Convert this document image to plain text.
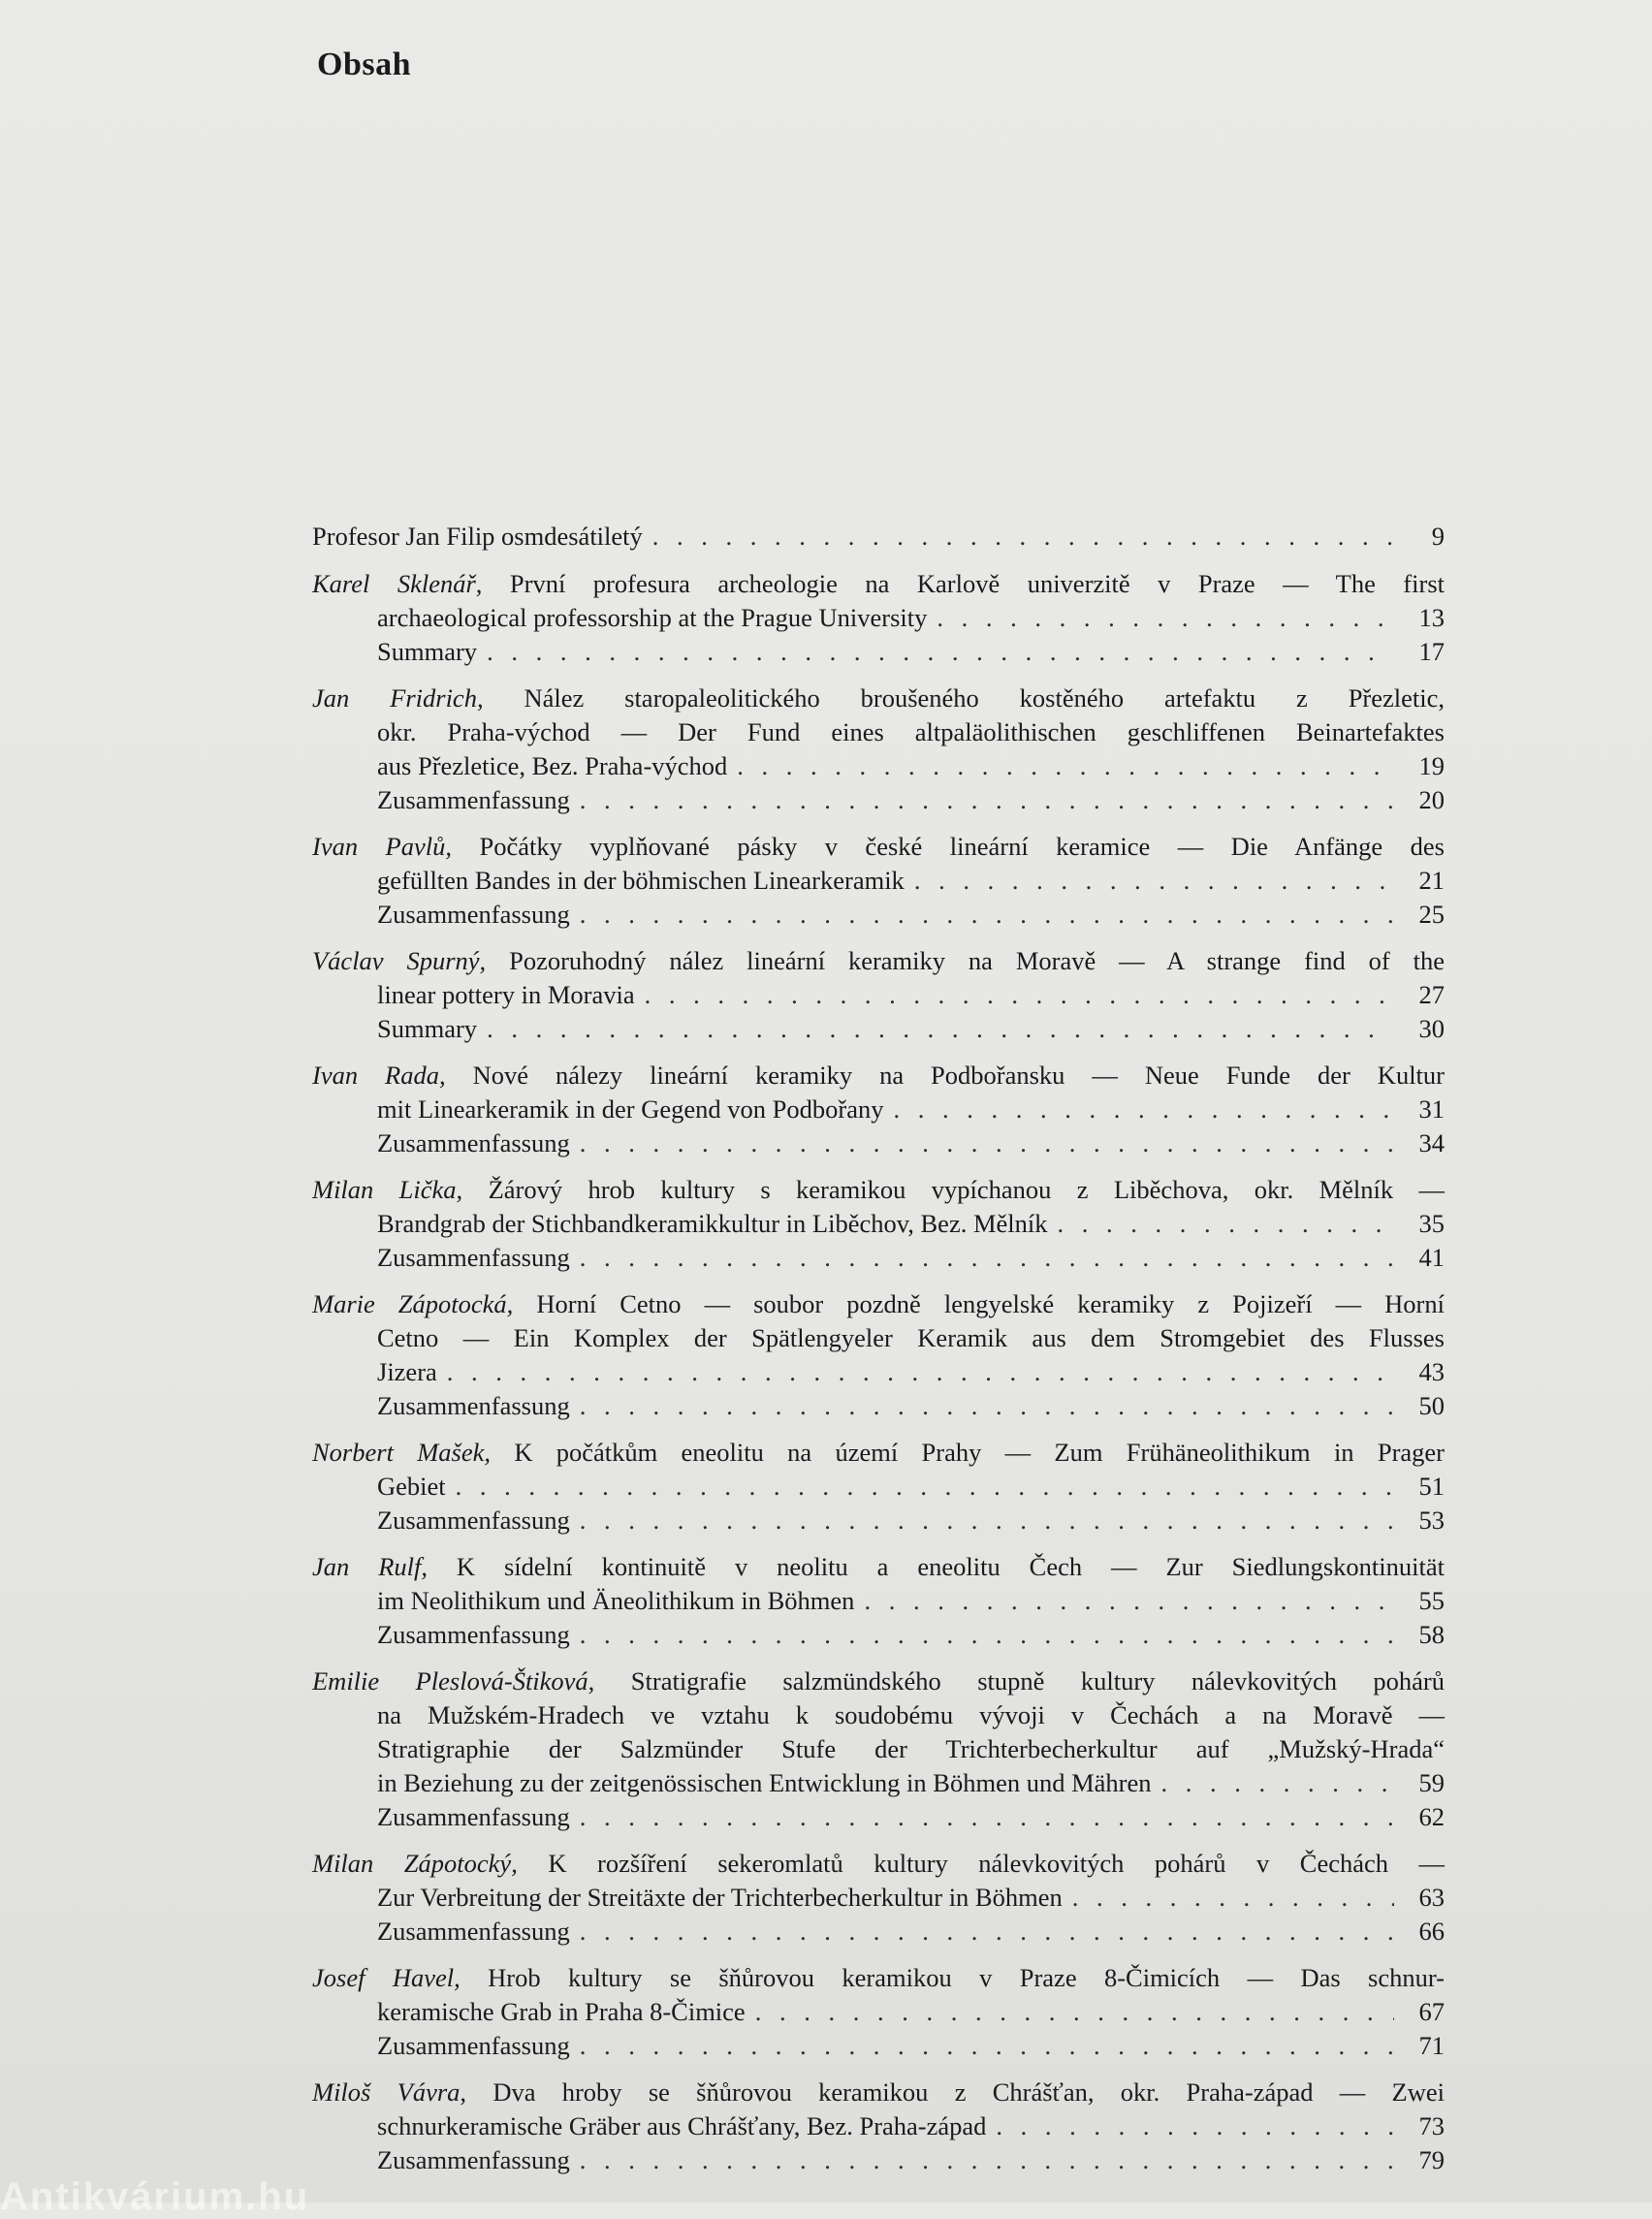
Obsah
Profesor Jan Filip osmdesátiletý . . .	9
Karel Sklenář, První profesura archeologie na Karlově univerzitě v Praze — The first
archaeological professorship at the Prague University . . .	13
Summary . . .	17
Jan Fridrich, Nález staropaleolitického broušeného kostěného artefaktu z Přezletic,
okr. Praha-východ — Der Fund eines altpaläolithischen geschliffenen Beinartefaktes
aus Přezletice, Bez. Praha-východ . . .	19
Zusammenfassung . . .	20
Ivan Pavlů, Počátky vyplňované pásky v české lineární keramice — Die Anfänge des
gefüllten Bandes in der böhmischen Linearkeramik . . .	21
Zusammenfassung . . .	25
Václav Spurný, Pozoruhodný nález lineární keramiky na Moravě — A strange find of the
linear pottery in Moravia . . .	27
Summary . . .	30
Ivan Rada, Nové nálezy lineární keramiky na Podbořansku — Neue Funde der Kultur
mit Linearkeramik in der Gegend von Podbořany . . .	31
Zusammenfassung . . .	34
Milan Lička, Žárový hrob kultury s keramikou vypíchanou z Liběchova, okr. Mělník —
Brandgrab der Stichbandkeramikkultur in Liběchov, Bez. Mělník . . .	35
Zusammenfassung . . .	41
Marie Zápotocká, Horní Cetno — soubor pozdně lengyelské keramiky z Pojizeří — Horní
Cetno — Ein Komplex der Spätlengyeler Keramik aus dem Stromgebiet des Flusses
Jizera . . .	43
Zusammenfassung . . .	50
Norbert Mašek, K počátkům eneolitu na území Prahy — Zum Frühäneolithikum in Prager
Gebiet . . .	51
Zusammenfassung . . .	53
Jan Rulf, K sídelní kontinuitě v neolitu a eneolitu Čech — Zur Siedlungskontinuität
im Neolithikum und Äneolithikum in Böhmen . . .	55
Zusammenfassung . . .	58
Emilie Pleslová-Štiková, Stratigrafie salzmündského stupně kultury nálevkovitých pohárů
na Mužském-Hradech ve vztahu k soudobému vývoji v Čechách a na Moravě —
Stratigraphie der Salzmünder Stufe der Trichterbecherkultur auf „Mužský-Hrada“
in Beziehung zu der zeitgenössischen Entwicklung in Böhmen und Mähren . . .	59
Zusammenfassung . . .	62
Milan Zápotocký, K rozšíření sekeromlatů kultury nálevkovitých pohárů v Čechách —
Zur Verbreitung der Streitäxte der Trichterbecherkultur in Böhmen . . .	63
Zusammenfassung . . .	66
Josef Havel, Hrob kultury se šňůrovou keramikou v Praze 8-Čimicích — Das schnur-
keramische Grab in Praha 8-Čimice . . .	67
Zusammenfassung . . .	71
Miloš Vávra, Dva hroby se šňůrovou keramikou z Chrášťan, okr. Praha-západ — Zwei
schnurkeramische Gräber aus Chrášťany, Bez. Praha-západ . . .	73
Zusammenfassung . . .	79
Antikvárium.hu
